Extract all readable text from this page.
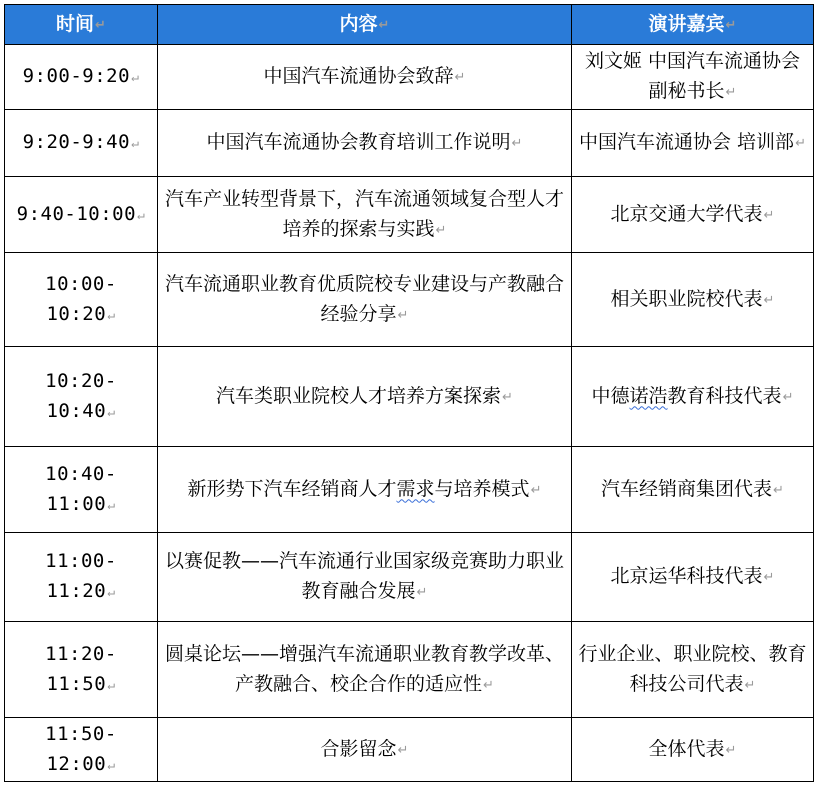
时间↵	内容↵	演讲嘉宾↵
9:00-9:20↵	中国汽车流通协会致辞↵	刘文姬 中国汽车流通协会 副秘书长↵
9:20-9:40↵	中国汽车流通协会教育培训工作说明↵	中国汽车流通协会 培训部↵
9:40-10:00↵	汽车产业转型背景下，汽车流通领域复合型人才培养的探索与实践↵	北京交通大学代表↵
10:00-10:20↵	汽车流通职业教育优质院校专业建设与产教融合经验分享↵	相关职业院校代表↵
10:20-10:40↵	汽车类职业院校人才培养方案探索↵	中德诺浩教育科技代表↵
10:40-11:00↵	新形势下汽车经销商人才需求与培养模式↵	汽车经销商集团代表↵
11:00-11:20↵	以赛促教——汽车流通行业国家级竞赛助力职业教育融合发展↵	北京运华科技代表↵
11:20-11:50↵	圆桌论坛——增强汽车流通职业教育教学改革、产教融合、校企合作的适应性↵	行业企业、职业院校、教育科技公司代表↵
11:50-12:00↵	合影留念↵	全体代表↵
